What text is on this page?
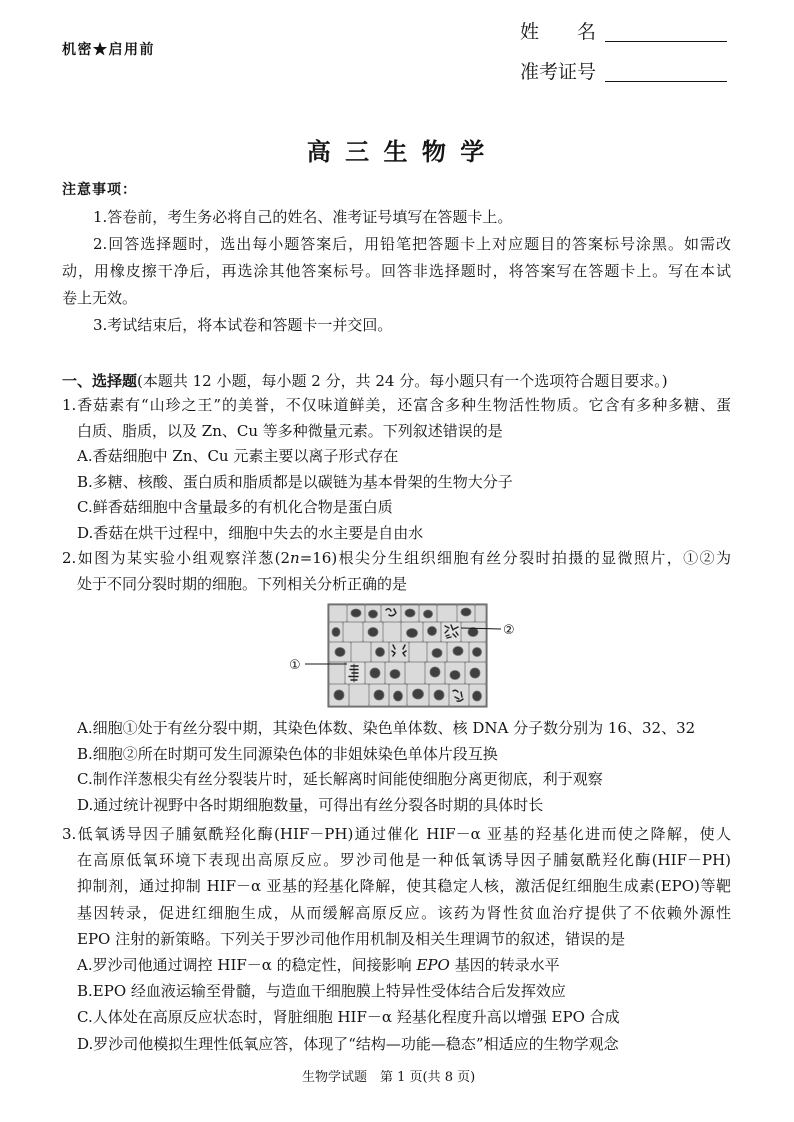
机密★启用前
姓　　名
准考证号
高 三 生 物 学
注意事项：
1.答卷前，考生务必将自己的姓名、准考证号填写在答题卡上。
2.回答选择题时，选出每小题答案后，用铅笔把答题卡上对应题目的答案标号涂黑。如需改
动，用橡皮擦干净后，再选涂其他答案标号。回答非选择题时，将答案写在答题卡上。写在本试
卷上无效。
3.考试结束后，将本试卷和答题卡一并交回。
一、选择题(本题共 12 小题，每小题 2 分，共 24 分。每小题只有一个选项符合题目要求。)
1.香菇素有“山珍之王”的美誉，不仅味道鲜美，还富含多种生物活性物质。它含有多种多糖、蛋
白质、脂质，以及 Zn、Cu 等多种微量元素。下列叙述错误的是
A.香菇细胞中 Zn、Cu 元素主要以离子形式存在
B.多糖、核酸、蛋白质和脂质都是以碳链为基本骨架的生物大分子
C.鲜香菇细胞中含量最多的有机化合物是蛋白质
D.香菇在烘干过程中，细胞中失去的水主要是自由水
2.如图为某实验小组观察洋葱(2n=16)根尖分生组织细胞有丝分裂时拍摄的显微照片，①②为
处于不同分裂时期的细胞。下列相关分析正确的是
①
②
A.细胞①处于有丝分裂中期，其染色体数、染色单体数、核 DNA 分子数分别为 16、32、32
B.细胞②所在时期可发生同源染色体的非姐妹染色单体片段互换
C.制作洋葱根尖有丝分裂装片时，延长解离时间能使细胞分离更彻底，利于观察
D.通过统计视野中各时期细胞数量，可得出有丝分裂各时期的具体时长
3.低氧诱导因子脯氨酰羟化酶(HIF－PH)通过催化 HIF－α 亚基的羟基化进而使之降解，使人
在高原低氧环境下表现出高原反应。罗沙司他是一种低氧诱导因子脯氨酰羟化酶(HIF－PH)
抑制剂，通过抑制 HIF－α 亚基的羟基化降解，使其稳定人核，激活促红细胞生成素(EPO)等靶
基因转录，促进红细胞生成，从而缓解高原反应。该药为肾性贫血治疗提供了不依赖外源性
EPO 注射的新策略。下列关于罗沙司他作用机制及相关生理调节的叙述，错误的是
A.罗沙司他通过调控 HIF－α 的稳定性，间接影响 EPO 基因的转录水平
B.EPO 经血液运输至骨髓，与造血干细胞膜上特异性受体结合后发挥效应
C.人体处在高原反应状态时，肾脏细胞 HIF－α 羟基化程度升高以增强 EPO 合成
D.罗沙司他模拟生理性低氧应答，体现了“结构—功能—稳态”相适应的生物学观念
生物学试题　第 1 页(共 8 页)
